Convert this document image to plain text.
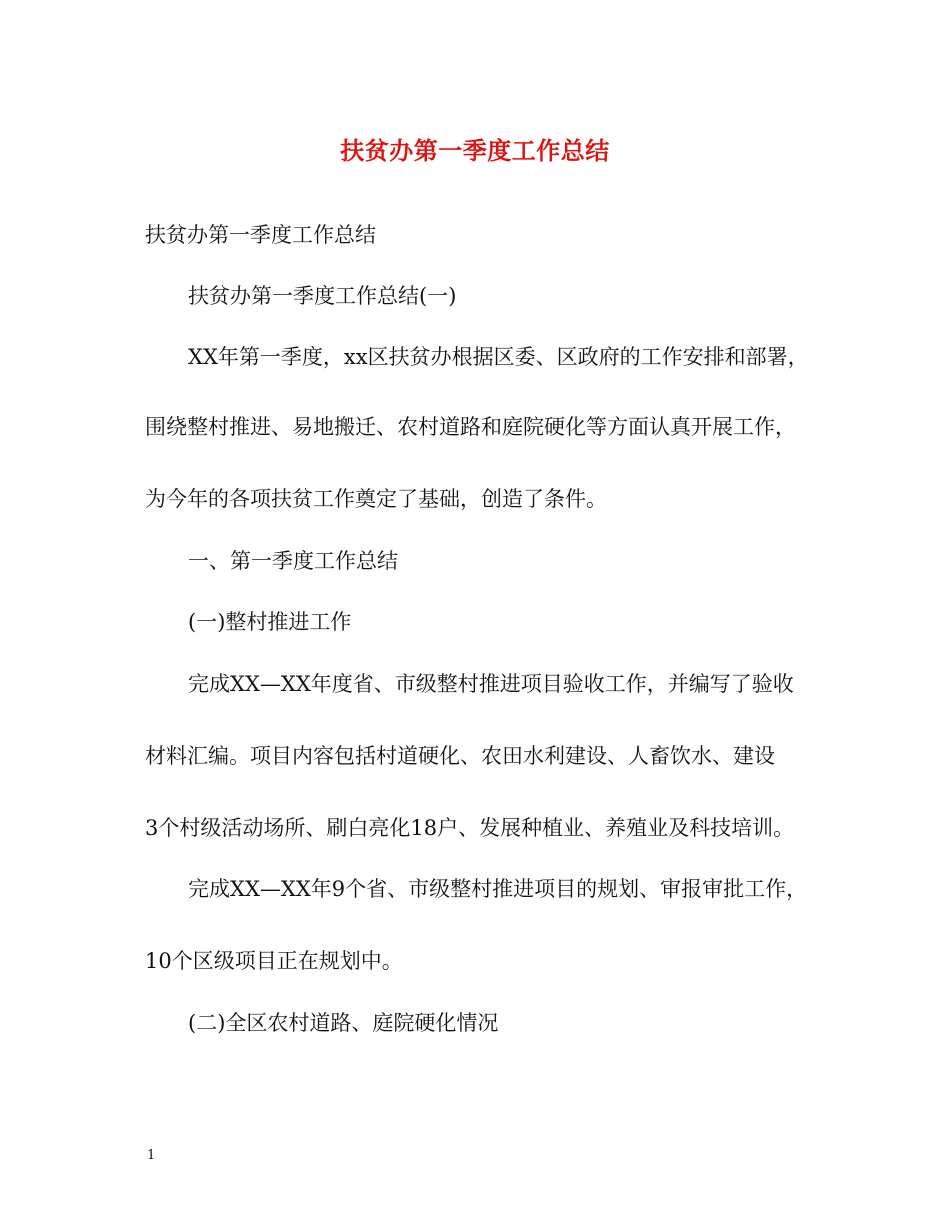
扶贫办第一季度工作总结
扶贫办第一季度工作总结
扶贫办第一季度工作总结(一)
XX年第一季度，xx区扶贫办根据区委、区政府的工作安排和部署，
围绕整村推进、易地搬迁、农村道路和庭院硬化等方面认真开展工作，
为今年的各项扶贫工作奠定了基础，创造了条件。
一、第一季度工作总结
(一)整村推进工作
完成XX—XX年度省、市级整村推进项目验收工作，并编写了验收
材料汇编。项目内容包括村道硬化、农田水利建设、人畜饮水、建设
3个村级活动场所、刷白亮化18户、发展种植业、养殖业及科技培训。
完成XX—XX年9个省、市级整村推进项目的规划、审报审批工作，
10个区级项目正在规划中。
(二)全区农村道路、庭院硬化情况
1
